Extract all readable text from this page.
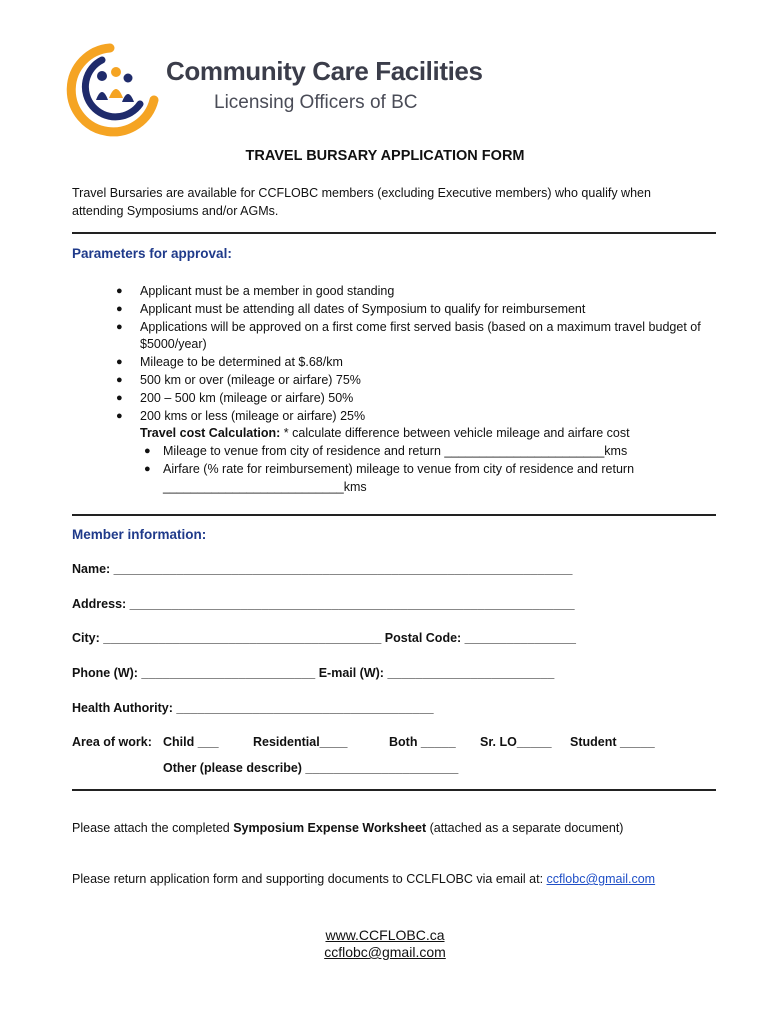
Community Care Facilities
Licensing Officers of BC
TRAVEL BURSARY APPLICATION FORM
Travel Bursaries are available for CCFLOBC members (excluding Executive members) who qualify when attending Symposiums and/or AGMs.
Parameters for approval:
● Applicant must be a member in good standing
● Applicant must be attending all dates of Symposium to qualify for reimbursement
● Applications will be approved on a first come first served basis (based on a maximum travel budget of $5000/year)
● Mileage to be determined at $.68/km
● 500 km or over (mileage or airfare) 75%
● 200 – 500 km (mileage or airfare) 50%
● 200 kms or less (mileage or airfare) 25%
Travel cost Calculation: * calculate difference between vehicle mileage and airfare cost
● Mileage to venue from city of residence and return _______________________kms
● Airfare (% rate for reimbursement) mileage to venue from city of residence and return __________________________kms
Member information:
Name: __________________________________________________________________
Address: ________________________________________________________________
City: ________________________________________ Postal Code: ________________
Phone (W): _________________________ E-mail (W): ________________________
Health Authority: _____________________________________
Area of work: Child ___	Residential____	Both _____ Sr. LO_____ Student _____
Other (please describe) ______________________
Please attach the completed Symposium Expense Worksheet (attached as a separate document)
Please return application form and supporting documents to CCLFLOBC via email at: ccflobc@gmail.com
www.CCFLOBC.ca
ccflobc@gmail.com
